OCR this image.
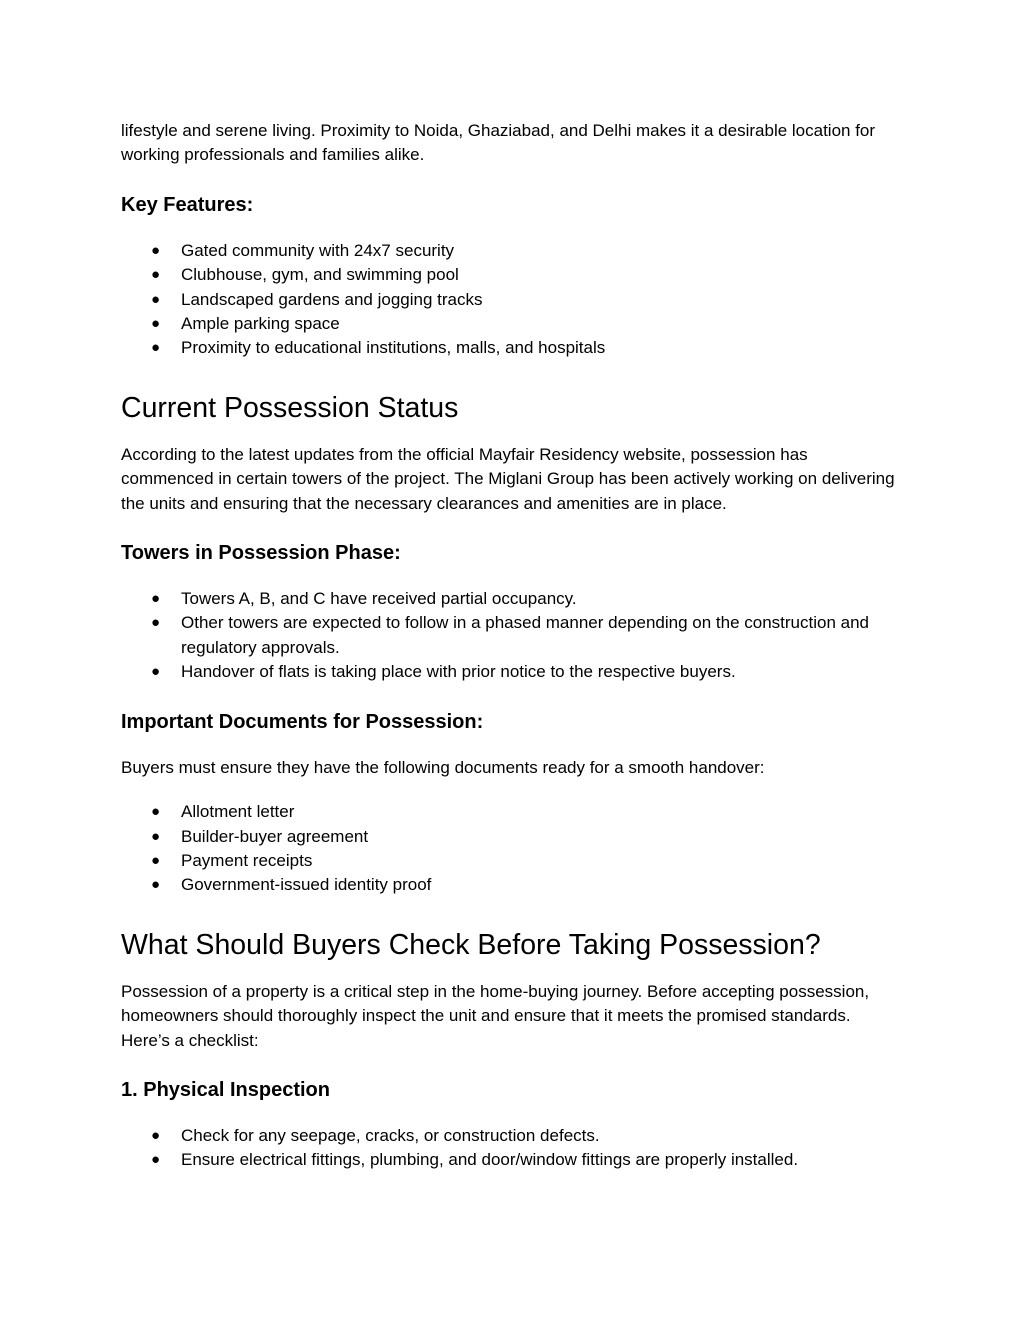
lifestyle and serene living. Proximity to Noida, Ghaziabad, and Delhi makes it a desirable location for working professionals and families alike.

Key Features:
● Gated community with 24x7 security
● Clubhouse, gym, and swimming pool
● Landscaped gardens and jogging tracks
● Ample parking space
● Proximity to educational institutions, malls, and hospitals
Current Possession Status

According to the latest updates from the official Mayfair Residency website, possession has commenced in certain towers of the project. The Miglani Group has been actively working on delivering the units and ensuring that the necessary clearances and amenities are in place.

Towers in Possession Phase:
● Towers A, B, and C have received partial occupancy.
● Other towers are expected to follow in a phased manner depending on the construction and regulatory approvals.
● Handover of flats is taking place with prior notice to the respective buyers.
Important Documents for Possession:

Buyers must ensure they have the following documents ready for a smooth handover:

● Allotment letter
● Builder-buyer agreement
● Payment receipts
● Government-issued identity proof
What Should Buyers Check Before Taking Possession?

Possession of a property is a critical step in the home-buying journey. Before accepting possession, homeowners should thoroughly inspect the unit and ensure that it meets the promised standards. Here’s a checklist:

1. Physical Inspection
● Check for any seepage, cracks, or construction defects.
● Ensure electrical fittings, plumbing, and door/window fittings are properly installed.
